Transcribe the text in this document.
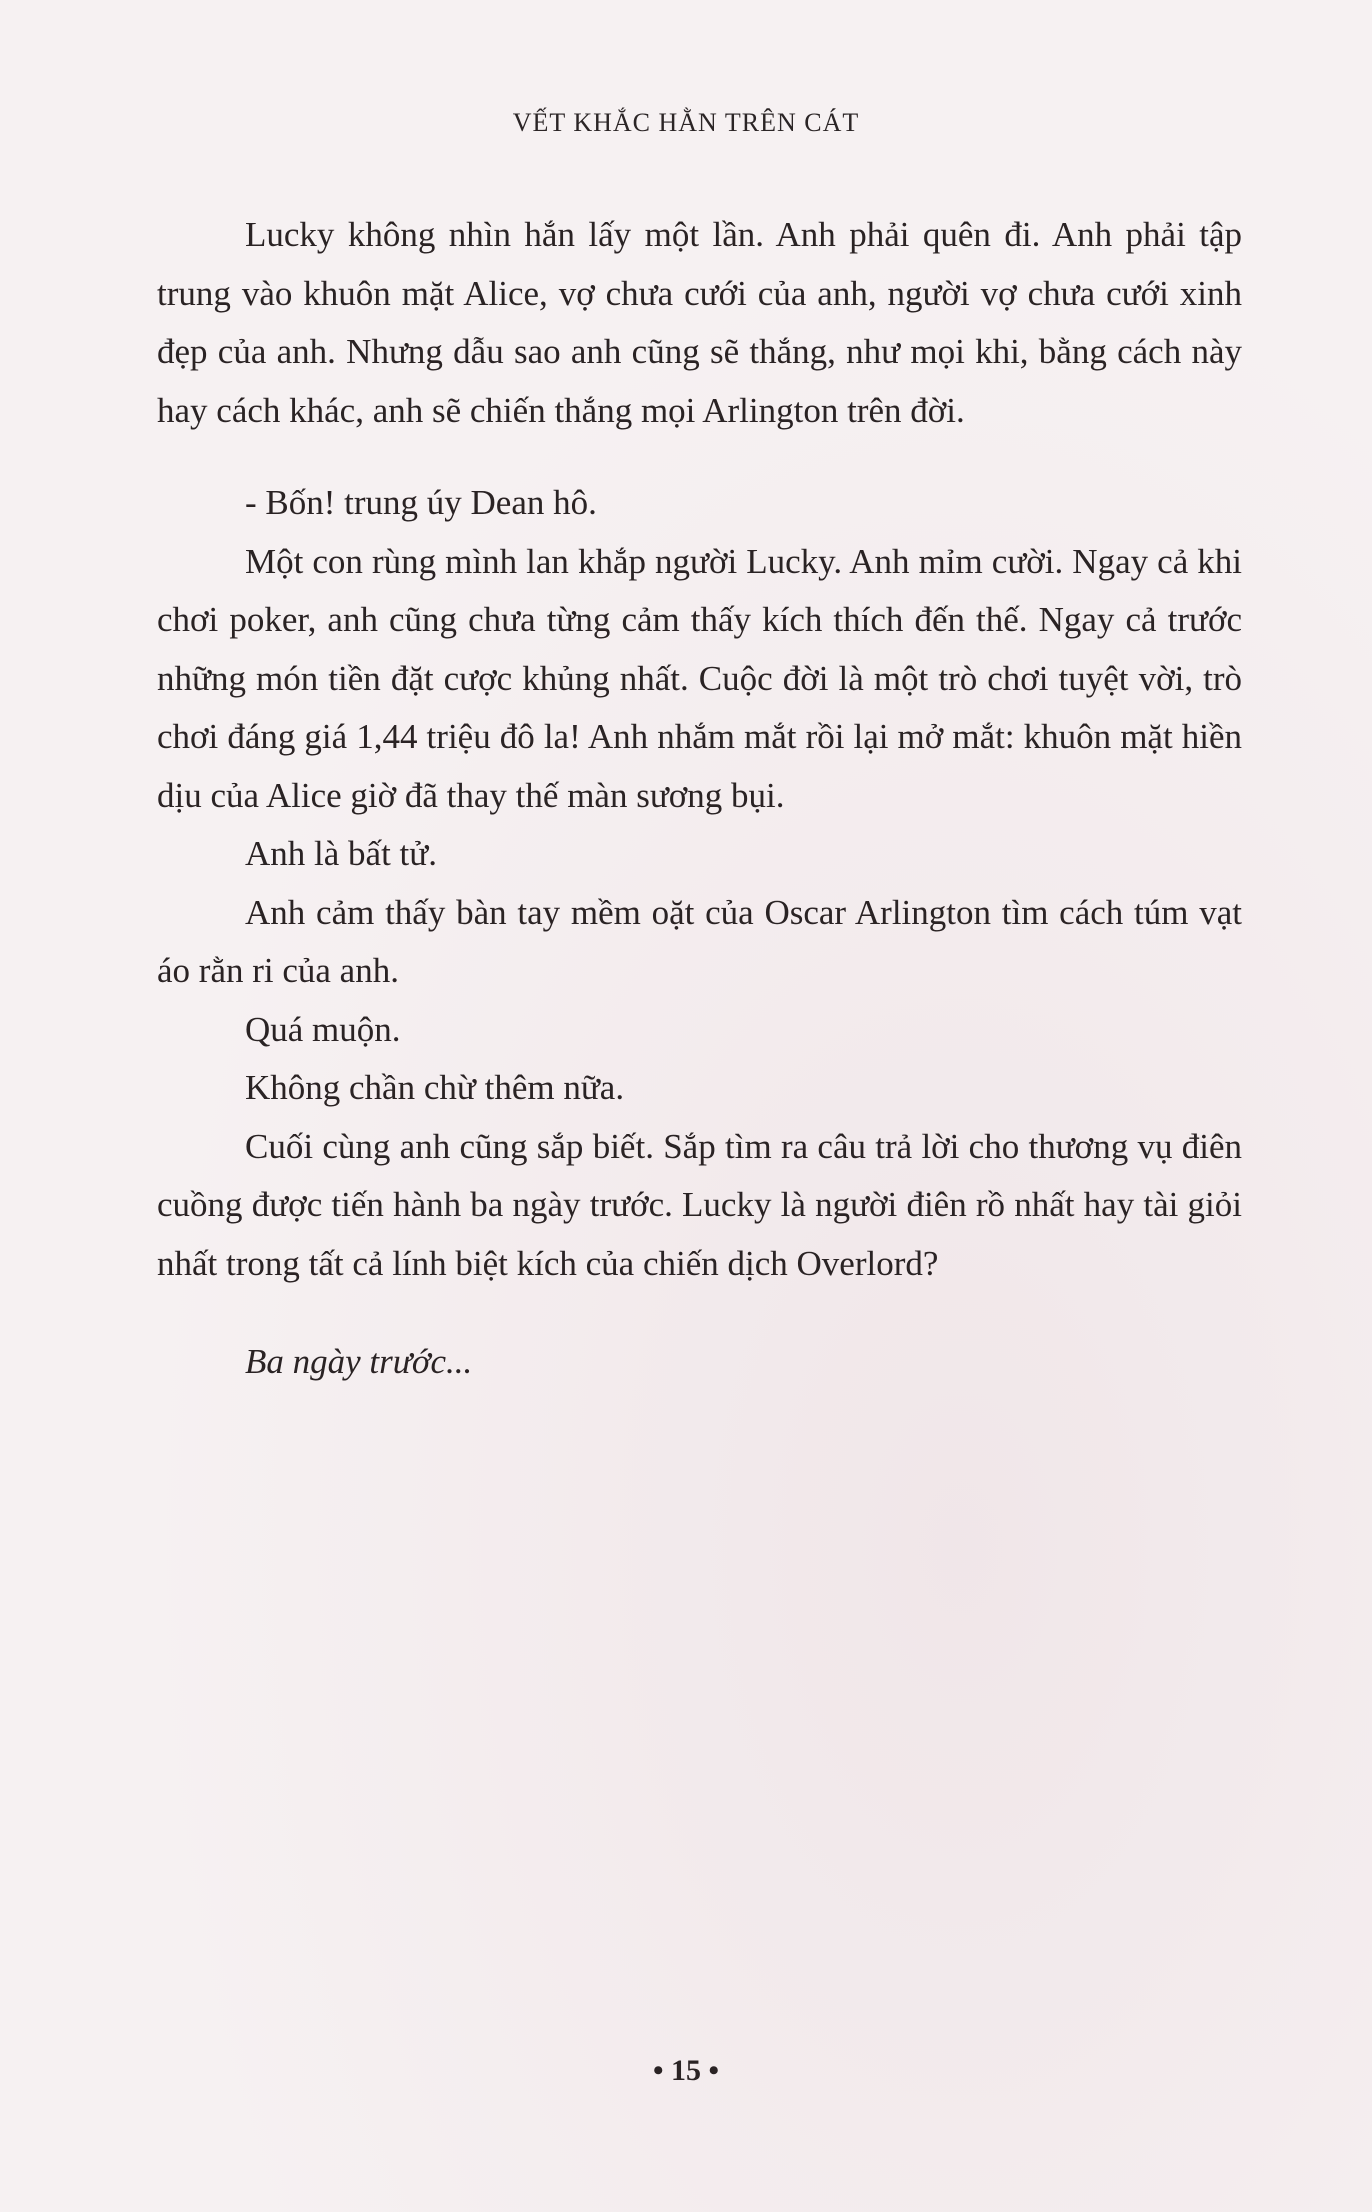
VẾT KHẮC HẰN TRÊN CÁT

Lucky không nhìn hắn lấy một lần. Anh phải quên đi. Anh phải tập trung vào khuôn mặt Alice, vợ chưa cưới của anh, người vợ chưa cưới xinh đẹp của anh. Nhưng dẫu sao anh cũng sẽ thắng, như mọi khi, bằng cách này hay cách khác, anh sẽ chiến thắng mọi Arlington trên đời.

- Bốn! trung úy Dean hô.

Một con rùng mình lan khắp người Lucky. Anh mỉm cười. Ngay cả khi chơi poker, anh cũng chưa từng cảm thấy kích thích đến thế. Ngay cả trước những món tiền đặt cược khủng nhất. Cuộc đời là một trò chơi tuyệt vời, trò chơi đáng giá 1,44 triệu đô la! Anh nhắm mắt rồi lại mở mắt: khuôn mặt hiền dịu của Alice giờ đã thay thế màn sương bụi.

Anh là bất tử.

Anh cảm thấy bàn tay mềm oặt của Oscar Arlington tìm cách túm vạt áo rằn ri của anh.

Quá muộn.

Không chần chừ thêm nữa.

Cuối cùng anh cũng sắp biết. Sắp tìm ra câu trả lời cho thương vụ điên cuồng được tiến hành ba ngày trước. Lucky là người điên rồ nhất hay tài giỏi nhất trong tất cả lính biệt kích của chiến dịch Overlord?

Ba ngày trước...

• 15 •
